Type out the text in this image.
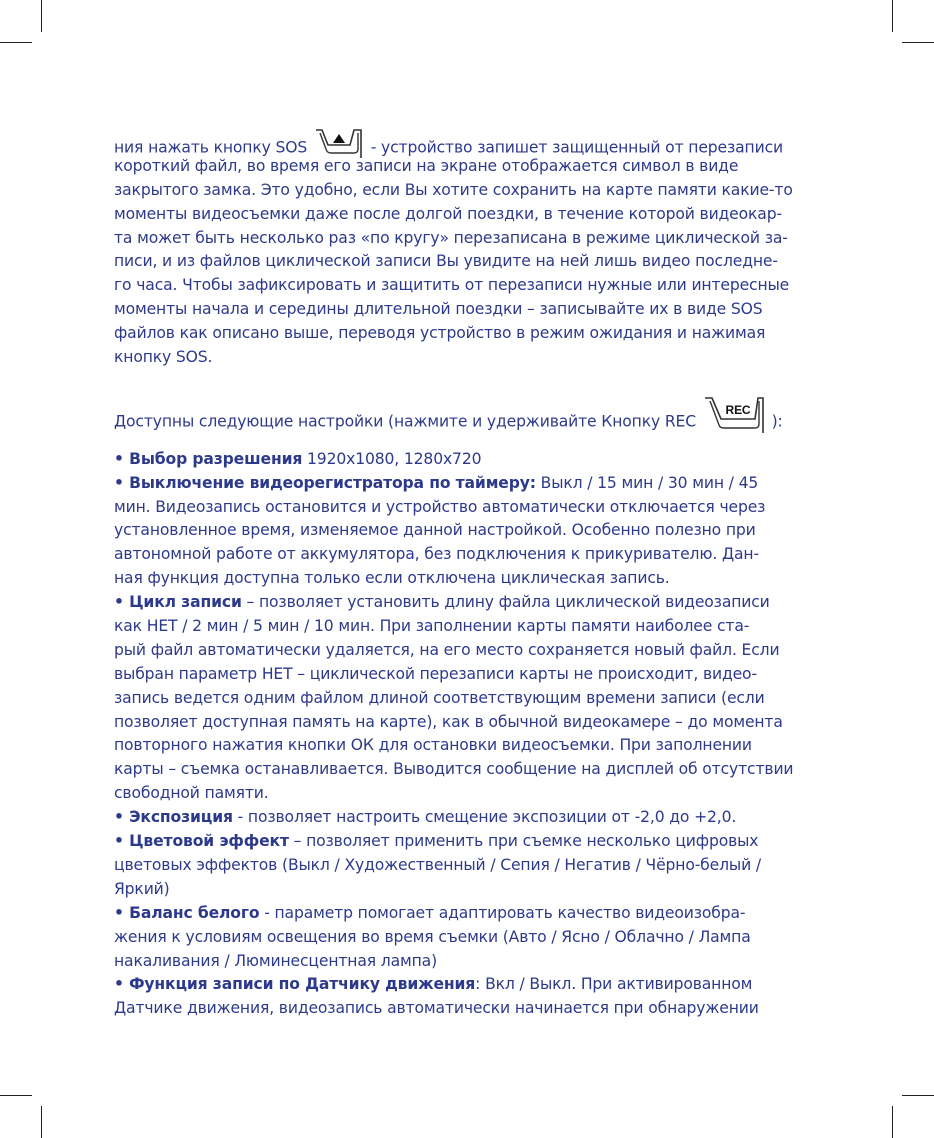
ния нажать кнопку SOS	- устройство запишет защищенный от перезаписи
короткий файл, во время его записи на экране отображается символ в виде
закрытого замка. Это удобно, если Вы хотите сохранить на карте памяти какие-то
моменты видеосъемки даже после долгой поездки, в течение которой видеокар-
та может быть несколько раз «по кругу» перезаписана в режиме циклической за-
писи, и из файлов циклической записи Вы увидите на ней лишь видео последне-
го часа. Чтобы зафиксировать и защитить от перезаписи нужные или интересные
моменты начала и середины длительной поездки – записывайте их в виде SOS
файлов как описано выше, переводя устройство в режим ожидания и нажимая
кнопку SOS.
Доступны следующие настройки (нажмите и удерживайте Кнопку REC
REC
):
• Выбор разрешения 1920x1080, 1280x720
• Выключение видеорегистратора по таймеру: Выкл / 15 мин / 30 мин / 45
мин. Видеозапись остановится и устройство автоматически отключается через
установленное время, изменяемое данной настройкой. Особенно полезно при
автономной работе от аккумулятора, без подключения к прикуривателю. Дан-
ная функция доступна только если отключена циклическая запись.
• Цикл записи – позволяет установить длину файла циклической видеозаписи
как НЕТ / 2 мин / 5 мин / 10 мин. При заполнении карты памяти наиболее ста-
рый файл автоматически удаляется, на его место сохраняется новый файл. Если
выбран параметр НЕТ – циклической перезаписи карты не происходит, видео-
запись ведется одним файлом длиной соответствующим времени записи (если
позволяет доступная память на карте), как в обычной видеокамере – до момента
повторного нажатия кнопки ОК для остановки видеосъемки. При заполнении
карты – съемка останавливается. Выводится сообщение на дисплей об отсутствии
свободной памяти.
• Экспозиция - позволяет настроить смещение экспозиции от -2,0 до +2,0.
• Цветовой эффект – позволяет применить при съемке несколько цифровых
цветовых эффектов (Выкл / Художественный / Сепия / Негатив / Чёрно-белый /
Яркий)
• Баланс белого - параметр помогает адаптировать качество видеоизобра-
жения к условиям освещения во время съемки (Авто / Ясно / Облачно / Лампа
накаливания / Люминесцентная лампа)
• Функция записи по Датчику движения: Вкл / Выкл. При активированном
Датчике движения, видеозапись автоматически начинается при обнаружении
